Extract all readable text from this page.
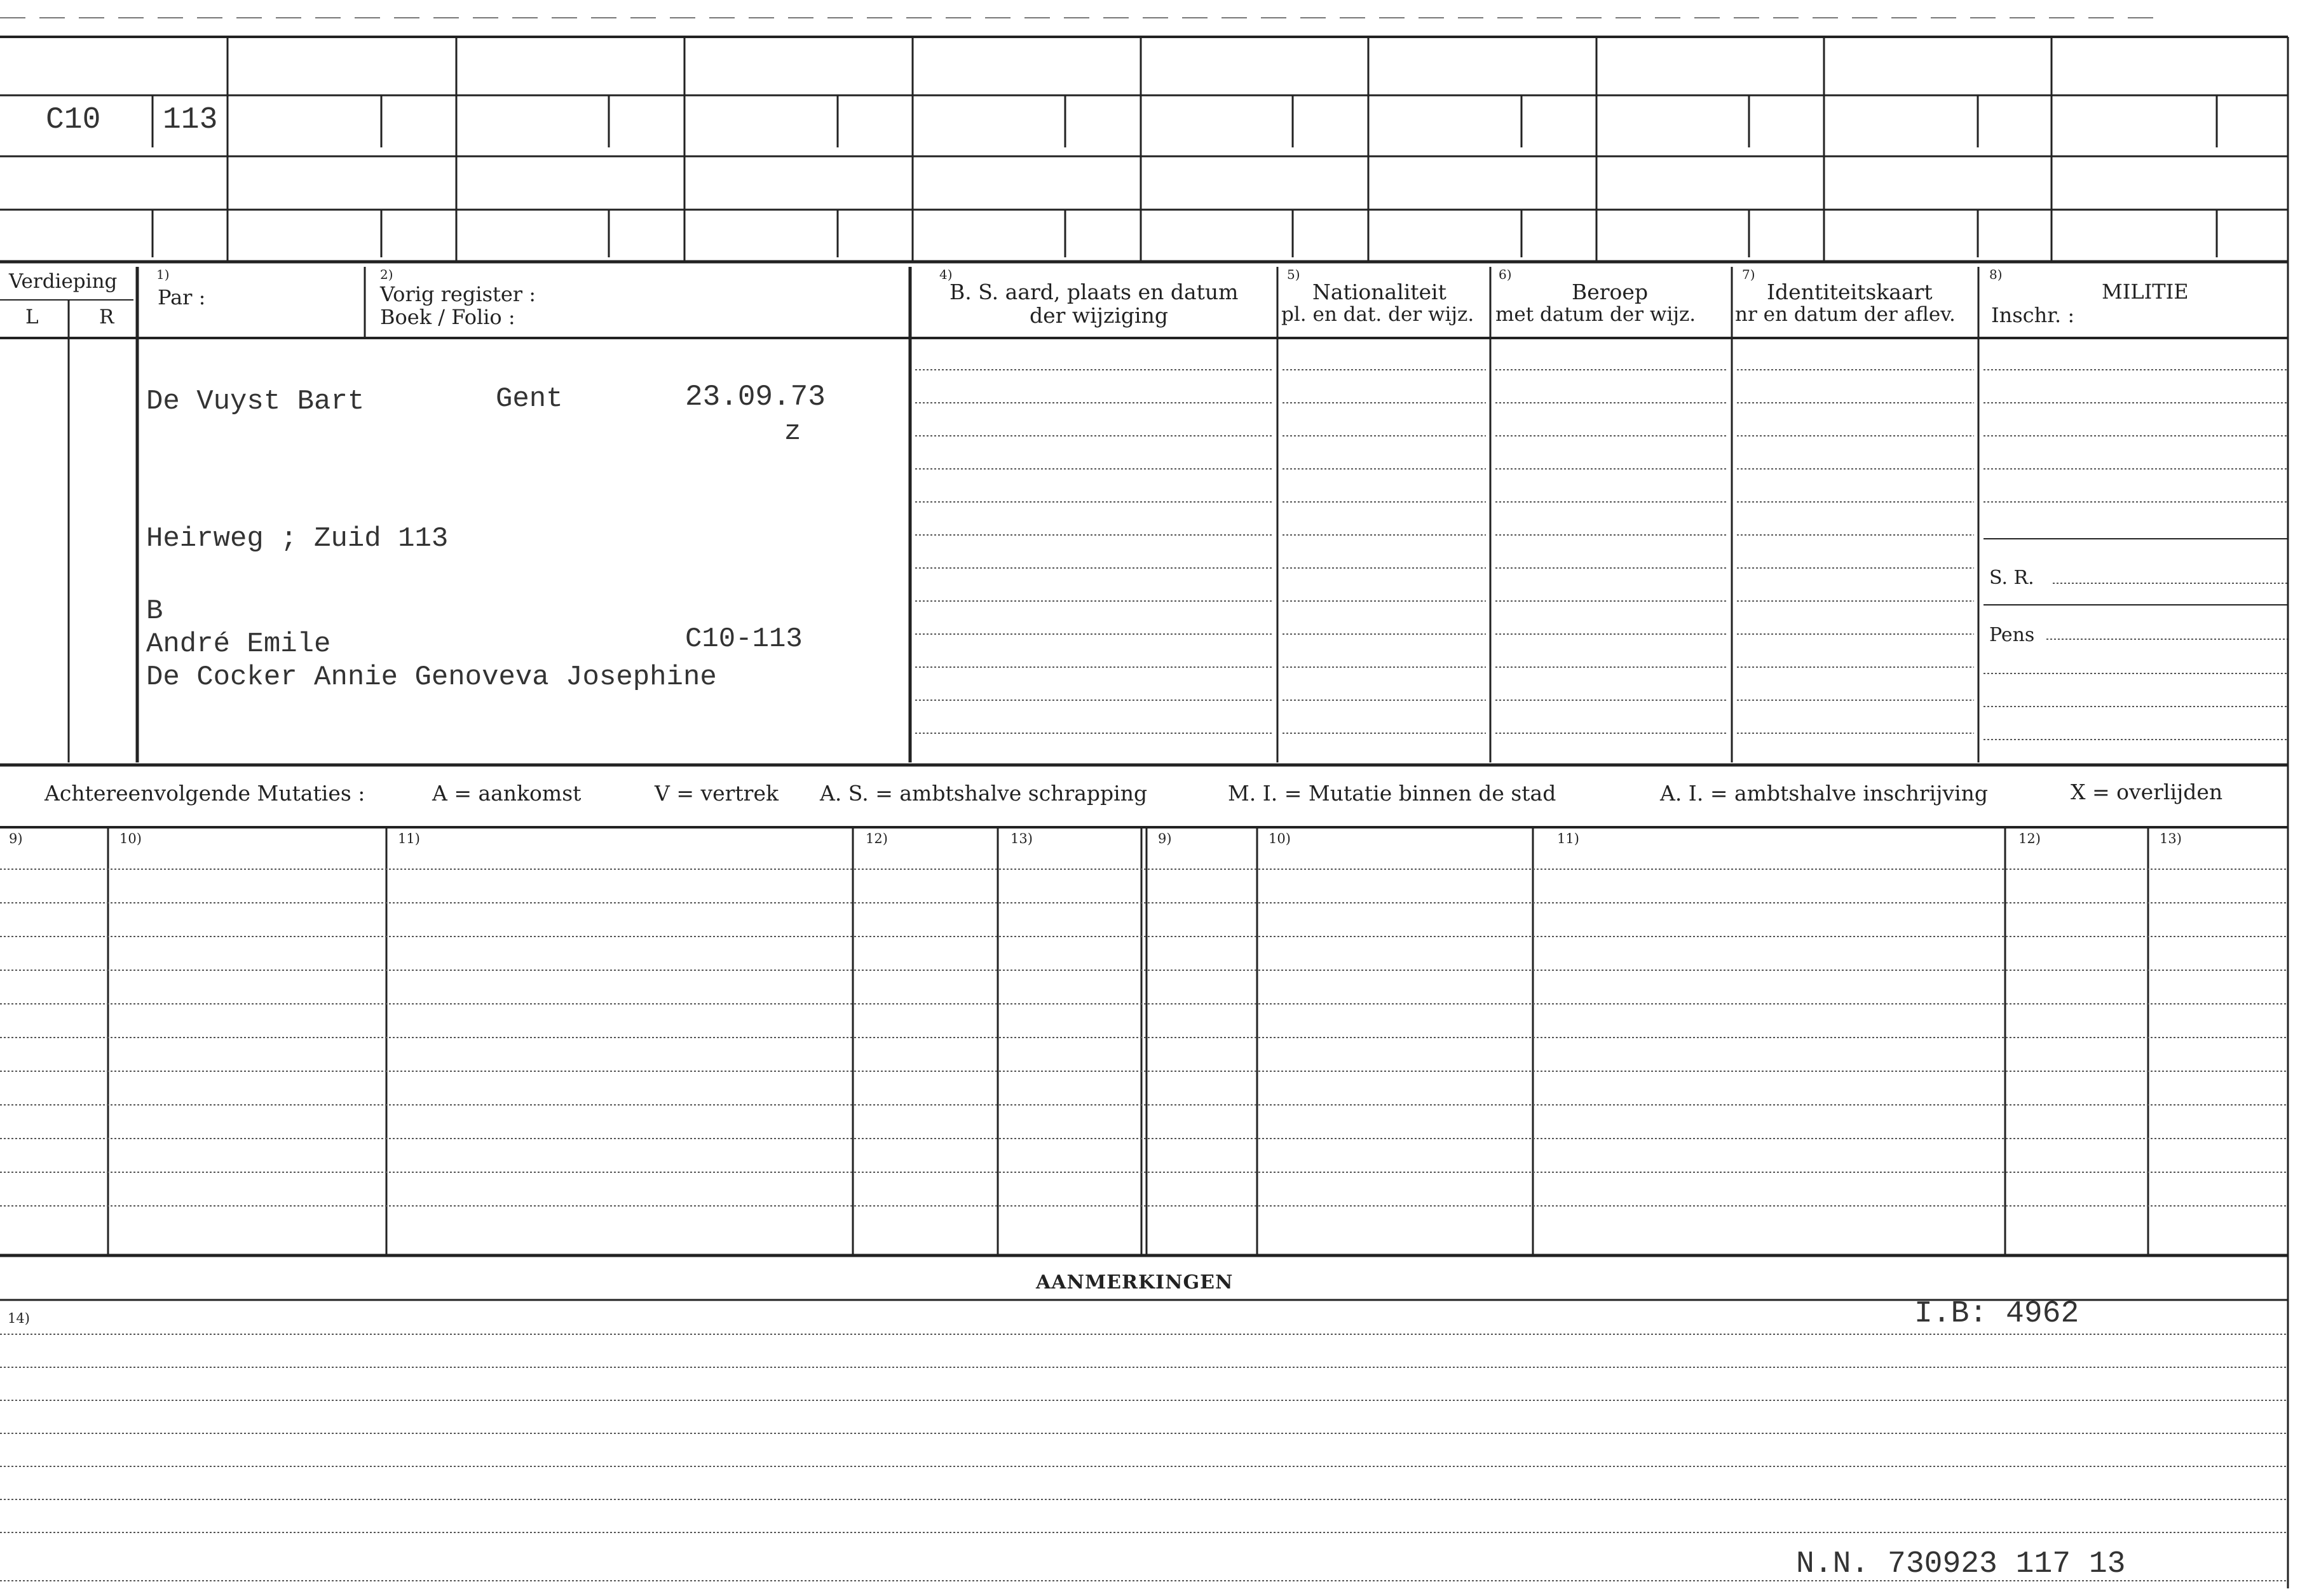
C10 113
Verdieping
L	R
1)
Par :
2)
Vorig register :
Boek / Folio :
4)
B. S. aard, plaats en datum
der wijziging
5)
Nationaliteit
pl. en dat. der wijz.
6)
Beroep
met datum der wijz.
7)
Identiteitskaart
nr en datum der aflev.
8)
MILITIE
Inschr. :
De Vuyst Bart	Gent	23.09.73
z
Heirweg ; Zuid 113
B
André Emile	C10-113
De Cocker Annie Genoveva Josephine
S. R.
Pens
Achtereenvolgende Mutaties :	A = aankomst	V = vertrek A. S. = ambtshalve schrapping	M. I. = Mutatie binnen de stad	A. I. = ambtshalve inschrijving	X = overlijden
9)	10)	11)	12)	13)	9)	10)	11)	12)	13)
AANMERKINGEN
14)	I.B: 4962
N.N. 730923 117 13
